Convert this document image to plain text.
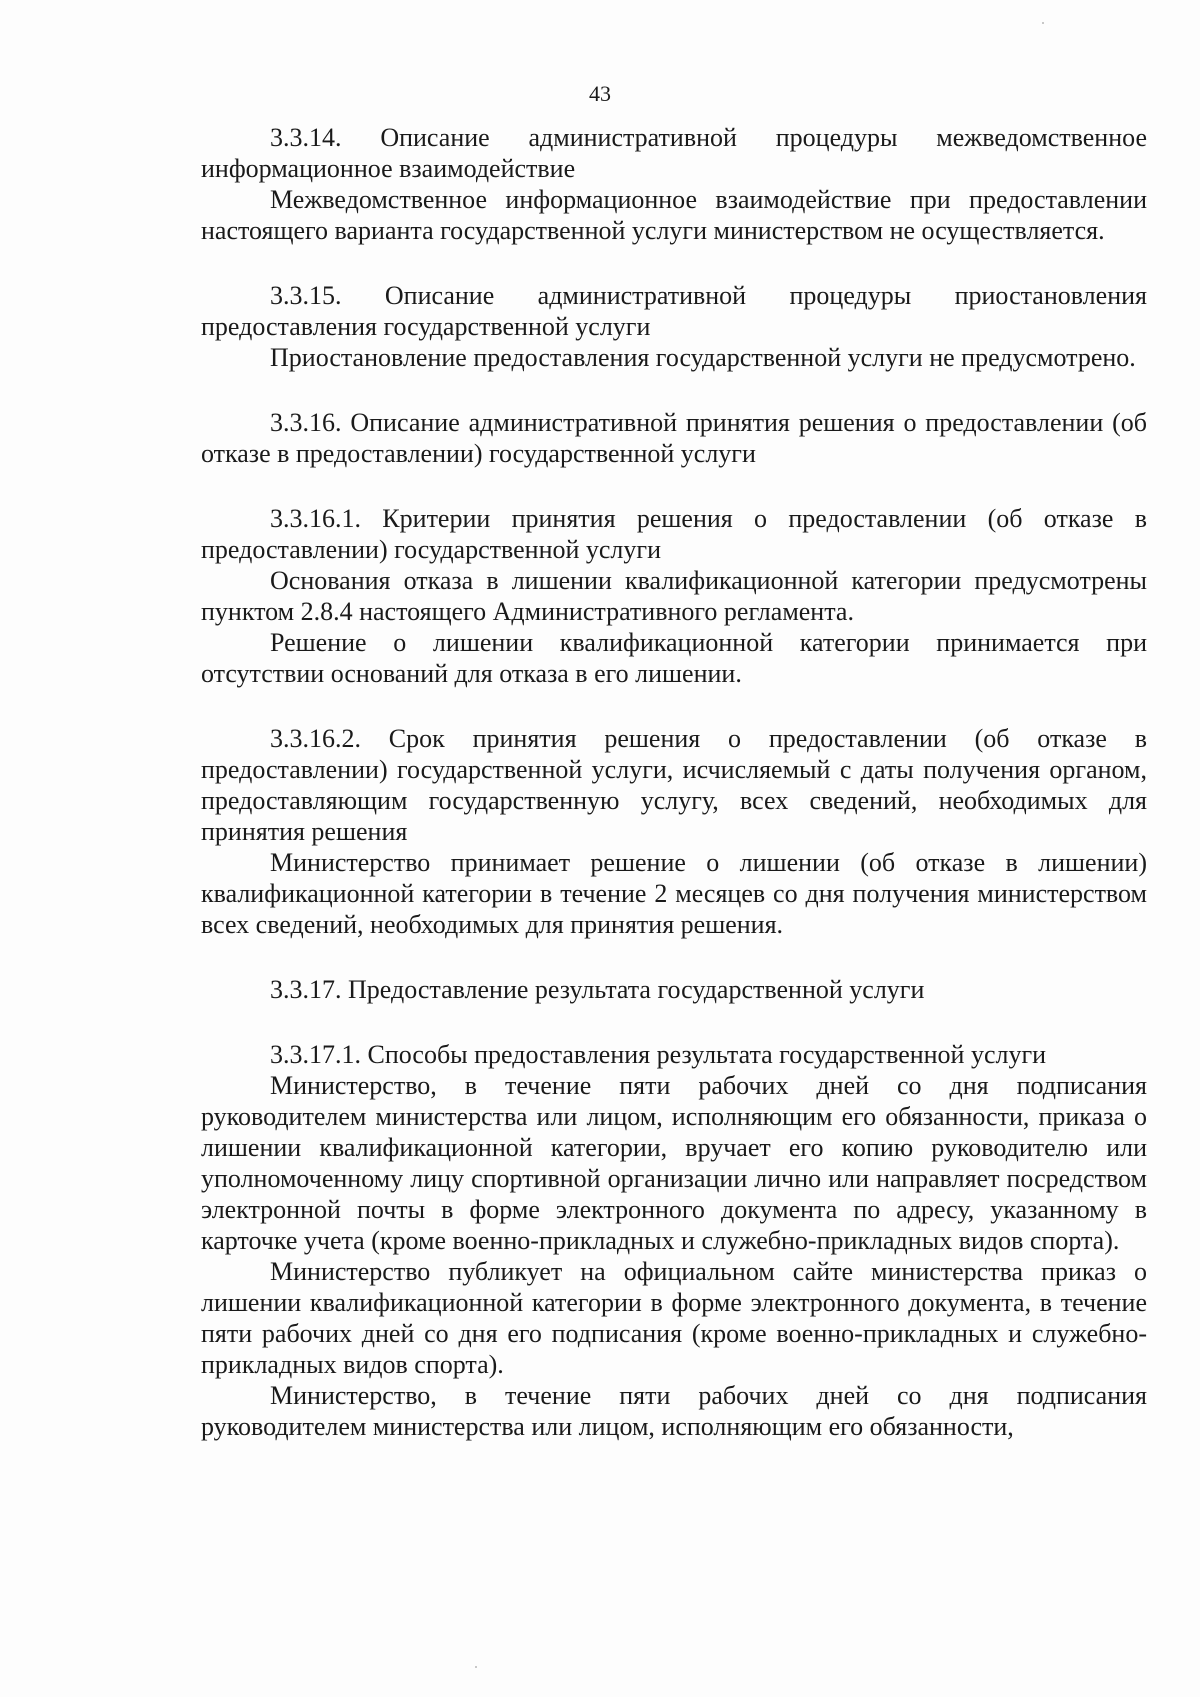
43

3.3.14. Описание административной процедуры межведомственное информационное взаимодействие

Межведомственное информационное взаимодействие при предоставлении настоящего варианта государственной услуги министерством не осуществляется.

3.3.15. Описание административной процедуры приостановления предоставления государственной услуги

Приостановление предоставления государственной услуги не предусмотрено.

3.3.16. Описание административной принятия решения о предоставлении (об отказе в предоставлении) государственной услуги

3.3.16.1. Критерии принятия решения о предоставлении (об отказе в предоставлении) государственной услуги

Основания отказа в лишении квалификационной категории предусмотрены пунктом 2.8.4 настоящего Административного регламента.

Решение о лишении квалификационной категории принимается при отсутствии оснований для отказа в его лишении.

3.3.16.2. Срок принятия решения о предоставлении (об отказе в предоставлении) государственной услуги, исчисляемый с даты получения органом, предоставляющим государственную услугу, всех сведений, необходимых для принятия решения

Министерство принимает решение о лишении (об отказе в лишении) квалификационной категории в течение 2 месяцев со дня получения министерством всех сведений, необходимых для принятия решения.

3.3.17. Предоставление результата государственной услуги

3.3.17.1. Способы предоставления результата государственной услуги

Министерство, в течение пяти рабочих дней со дня подписания руководителем министерства или лицом, исполняющим его обязанности, приказа о лишении квалификационной категории, вручает его копию руководителю или уполномоченному лицу спортивной организации лично или направляет посредством электронной почты в форме электронного документа по адресу, указанному в карточке учета (кроме военно-прикладных и служебно-прикладных видов спорта).

Министерство публикует на официальном сайте министерства приказ о лишении квалификационной категории в форме электронного документа, в течение пяти рабочих дней со дня его подписания (кроме военно-прикладных и служебно-прикладных видов спорта).

Министерство, в течение пяти рабочих дней со дня подписания руководителем министерства или лицом, исполняющим его обязанности,
